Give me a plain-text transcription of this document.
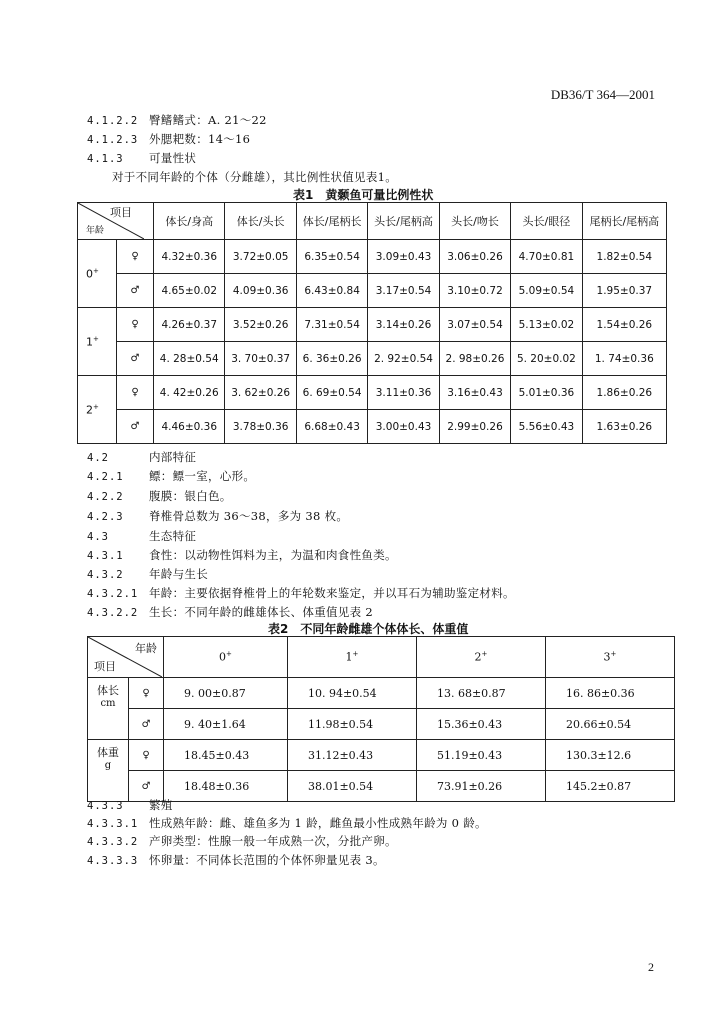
DB36/T 364—2001
4.1.2.2 臀鳍鳍式：A. 21～22
4.1.2.3 外腮耙数：14～16
4.1.3 可量性状
对于不同年龄的个体（分雌雄），其比例性状值见表1。
表1　黄颡鱼可量比例性状
项目
年龄		体长/身高	体长/头长	体长/尾柄长	头长/尾柄高	头长/吻长	头长/眼径	尾柄长/尾柄高
0+	♀	4.32±0.36	3.72±0.05	6.35±0.54	3.09±0.43	3.06±0.26	4.70±0.81	1.82±0.54
	♂	4.65±0.02	4.09±0.36	6.43±0.84	3.17±0.54	3.10±0.72	5.09±0.54	1.95±0.37
1+	♀	4.26±0.37	3.52±0.26	7.31±0.54	3.14±0.26	3.07±0.54	5.13±0.02	1.54±0.26
	♂	4. 28±0.54	3. 70±0.37	6. 36±0.26	2. 92±0.54	2. 98±0.26	5. 20±0.02	1. 74±0.36
2+	♀	4. 42±0.26	3. 62±0.26	6. 69±0.54	3.11±0.36	3.16±0.43	5.01±0.36	1.86±0.26
	♂	4.46±0.36	3.78±0.36	6.68±0.43	3.00±0.43	2.99±0.26	5.56±0.43	1.63±0.26
4.2	内部特征
4.2.1 鳔：鳔一室，心形。
4.2.2 腹膜：银白色。
4.2.3 脊椎骨总数为 36～38，多为 38 枚。
4.3	生态特征
4.3.1 食性：以动物性饵料为主，为温和肉食性鱼类。
4.3.2 年龄与生长
4.3.2.1 年龄：主要依据脊椎骨上的年轮数来鉴定，并以耳石为辅助鉴定材料。
4.3.2.2 生长：不同年龄的雌雄体长、体重值见表 2
表2　不同年龄雌雄个体体长、体重值
年龄
项目		0+	1+	2+	3+

体长
cm	♀	9. 00±0.87	10. 94±0.54	13. 68±0.87	16. 86±0.36
	♂	9. 40±1.64	11.98±0.54	15.36±0.43	20.66±0.54

体重
g	♀	18.45±0.43	31.12±0.43	51.19±0.43	130.3±12.6
	♂	18.48±0.36	38.01±0.54	73.91±0.26	145.2±0.87
4.3.3 繁殖
4.3.3.1 性成熟年龄：雌、雄鱼多为 1 龄，雌鱼最小性成熟年龄为 0 龄。
4.3.3.2 产卵类型：性腺一般一年成熟一次，分批产卵。
4.3.3.3 怀卵量：不同体长范围的个体怀卵量见表 3。
2
